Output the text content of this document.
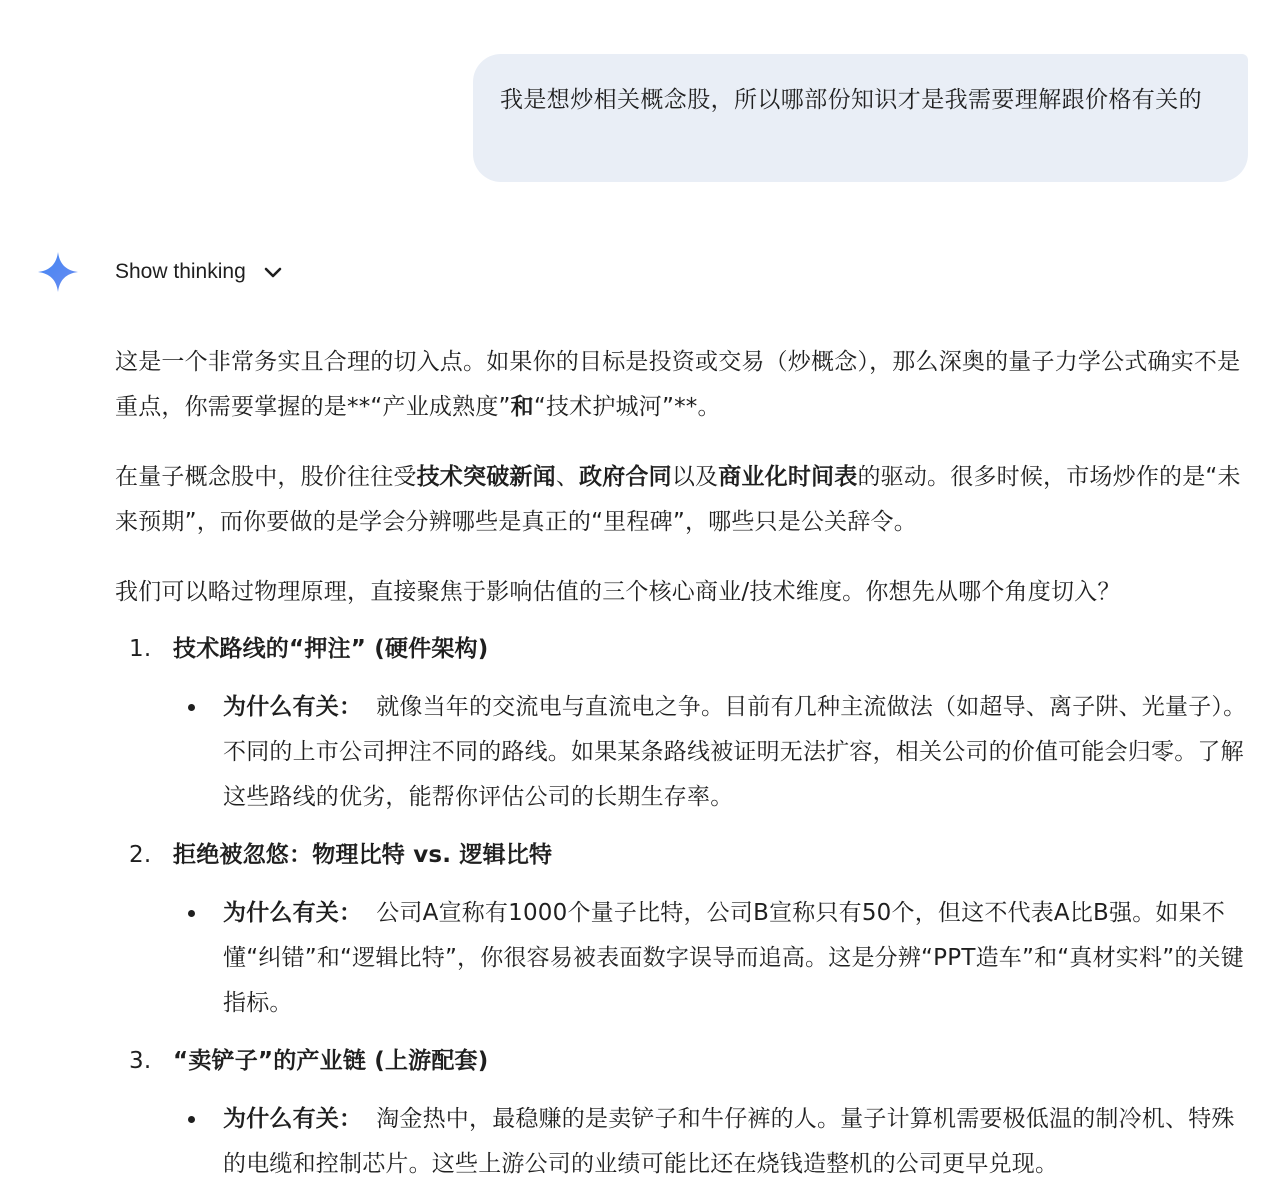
我是想炒相关概念股，所以哪部份知识才是我需要理解跟价格有关的
Show thinking

这是一个非常务实且合理的切入点。如果你的目标是投资或交易（炒概念），那么深奥的量子力学公式确实不是重点，你需要掌握的是**“产业成熟度”和“技术护城河”**。

在量子概念股中，股价往往受技术突破新闻、政府合同以及商业化时间表的驱动。很多时候，市场炒作的是“未来预期”，而你要做的是学会分辨哪些是真正的“里程碑”，哪些只是公关辞令。

我们可以略过物理原理，直接聚焦于影响估值的三个核心商业/技术维度。你想先从哪个角度切入？

1. 技术路线的“押注” (硬件架构)
为什么有关： 就像当年的交流电与直流电之争。目前有几种主流做法（如超导、离子阱、光量子）。不同的上市公司押注不同的路线。如果某条路线被证明无法扩容，相关公司的价值可能会归零。了解这些路线的优劣，能帮你评估公司的长期生存率。
2. 拒绝被忽悠：物理比特 vs. 逻辑比特
为什么有关： 公司A宣称有1000个量子比特，公司B宣称只有50个，但这不代表A比B强。如果不懂“纠错”和“逻辑比特”，你很容易被表面数字误导而追高。这是分辨“PPT造车”和“真材实料”的关键指标。
3. “卖铲子”的产业链 (上游配套)
为什么有关： 淘金热中，最稳赚的是卖铲子和牛仔裤的人。量子计算机需要极低温的制冷机、特殊的电缆和控制芯片。这些上游公司的业绩可能比还在烧钱造整机的公司更早兑现。
